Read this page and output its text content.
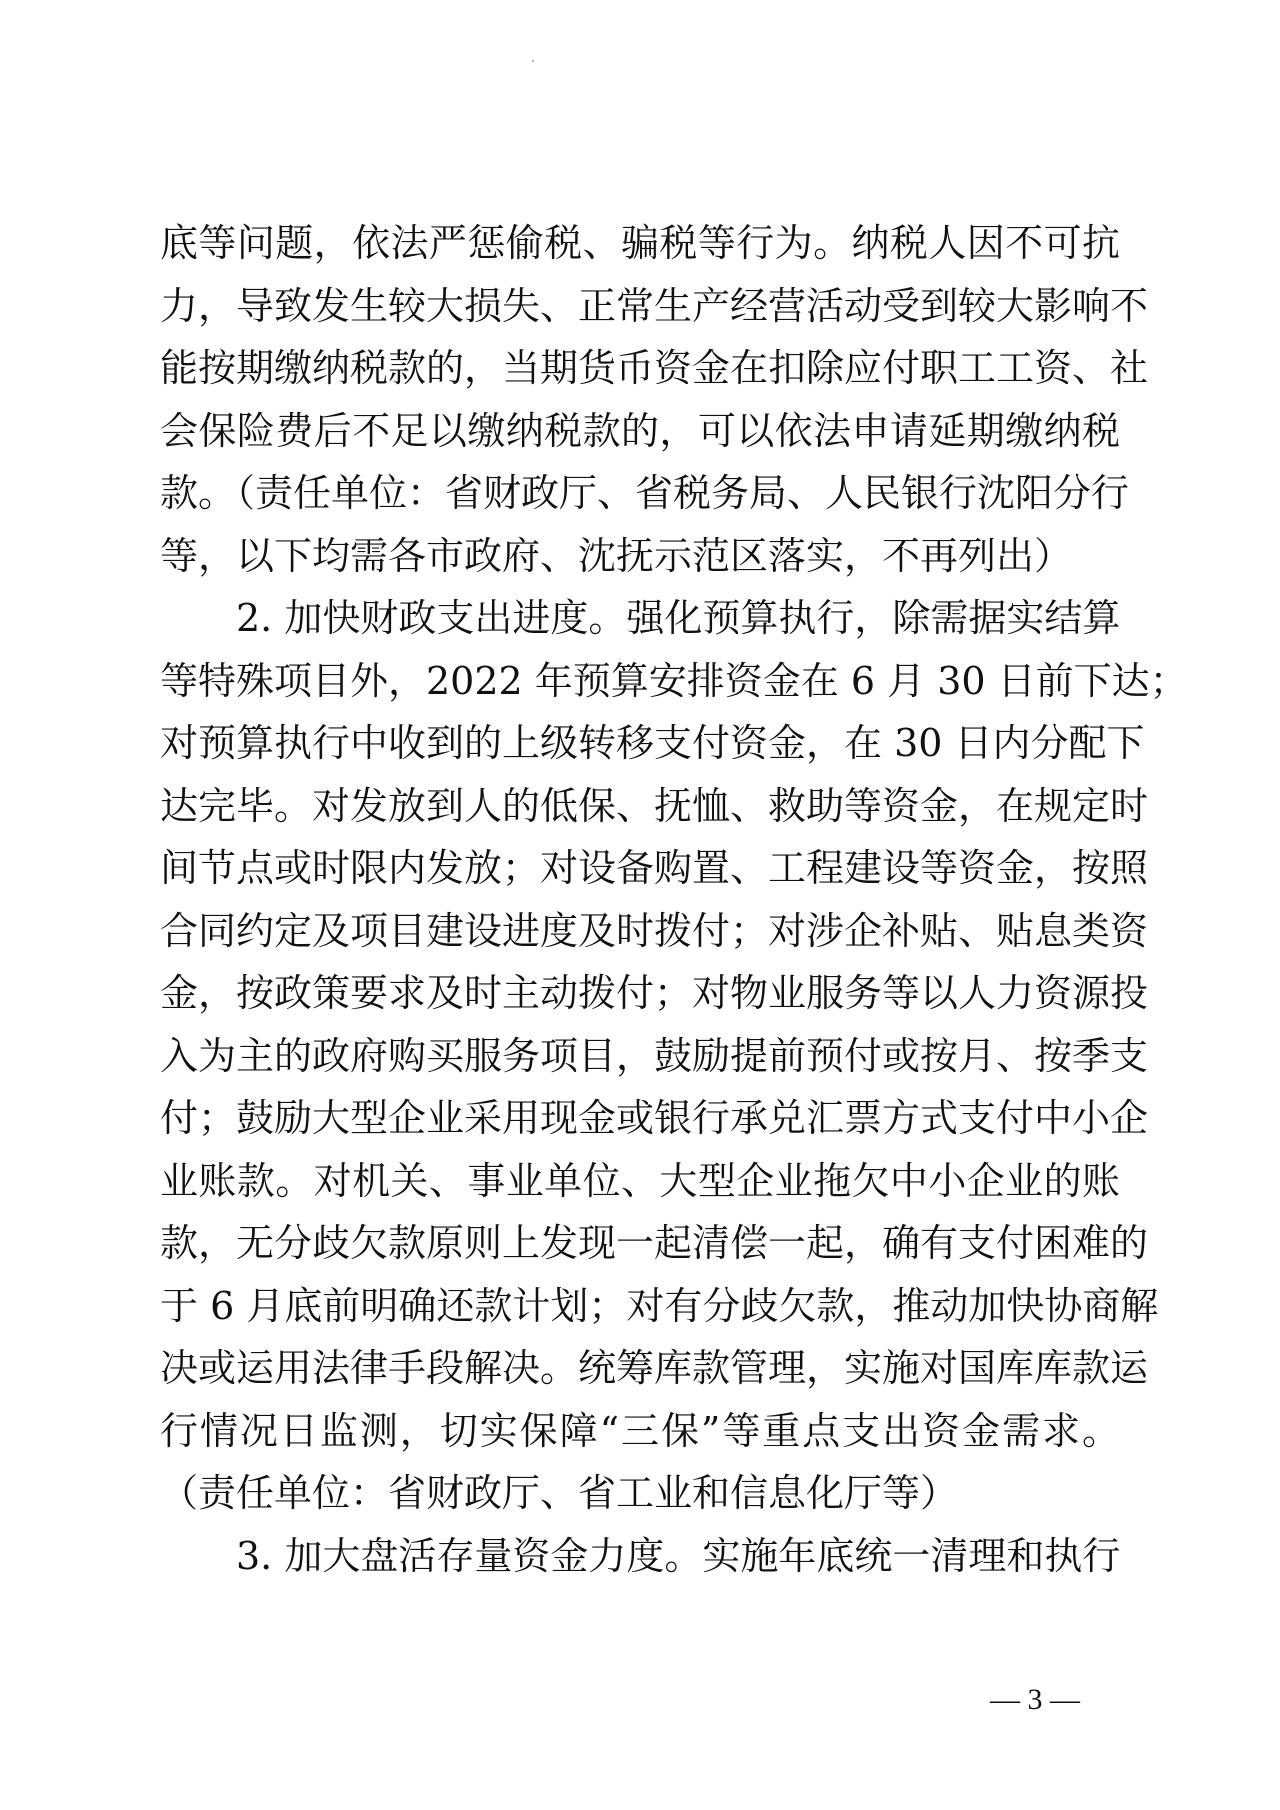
底等问题，依法严惩偷税、骗税等行为。纳税人因不可抗
力，导致发生较大损失、正常生产经营活动受到较大影响不
能按期缴纳税款的，当期货币资金在扣除应付职工工资、社
会保险费后不足以缴纳税款的，可以依法申请延期缴纳税
款。（责任单位：省财政厅、省税务局、人民银行沈阳分行
等，以下均需各市政府、沈抚示范区落实，不再列出）
2. 加快财政支出进度。强化预算执行，除需据实结算
等特殊项目外，2022 年预算安排资金在 6 月 30 日前下达；
对预算执行中收到的上级转移支付资金，在 30 日内分配下
达完毕。对发放到人的低保、抚恤、救助等资金，在规定时
间节点或时限内发放；对设备购置、工程建设等资金，按照
合同约定及项目建设进度及时拨付；对涉企补贴、贴息类资
金，按政策要求及时主动拨付；对物业服务等以人力资源投
入为主的政府购买服务项目，鼓励提前预付或按月、按季支
付；鼓励大型企业采用现金或银行承兑汇票方式支付中小企
业账款。对机关、事业单位、大型企业拖欠中小企业的账
款，无分歧欠款原则上发现一起清偿一起，确有支付困难的
于 6 月底前明确还款计划；对有分歧欠款，推动加快协商解
决或运用法律手段解决。统筹库款管理，实施对国库库款运
行情况日监测，切实保障“三保”等重点支出资金需求。
（责任单位：省财政厅、省工业和信息化厅等）
3. 加大盘活存量资金力度。实施年底统一清理和执行
— 3 —
